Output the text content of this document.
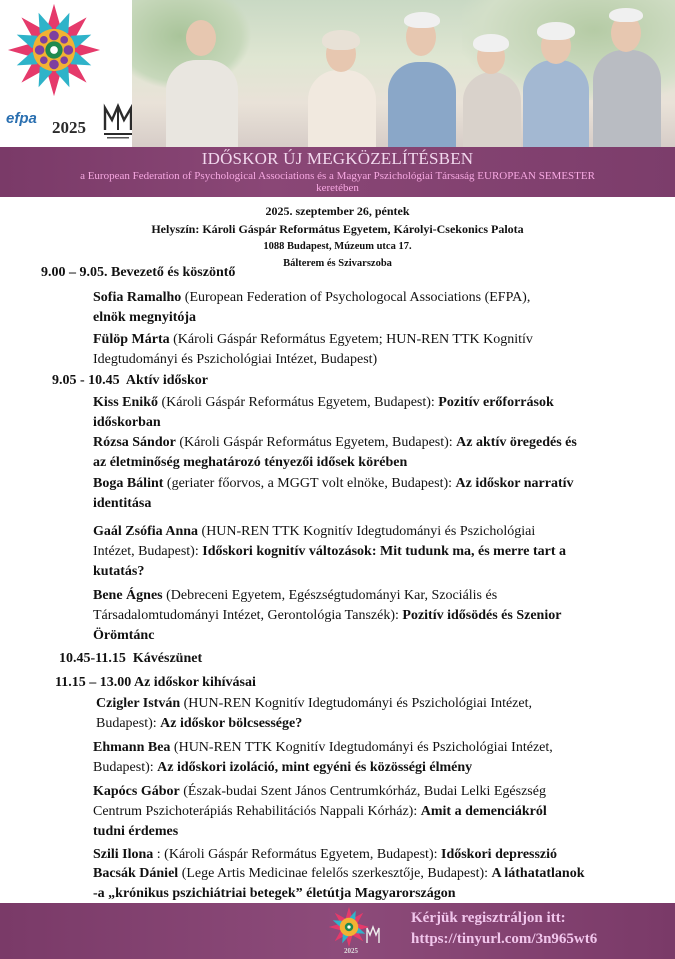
efpa 2025
IDŐSKOR ÚJ MEGKÖZELÍTÉSBEN
a European Federation of Psychological Associations és a Magyar Pszichológiai Társaság EUROPEAN SEMESTER
keretében
2025. szeptember 26, péntek
Helyszín: Károli Gáspár Református Egyetem, Károlyi-Csekonics Palota
1088 Budapest, Múzeum utca 17.
Bálterem és Szivarszoba
9.00 – 9.05. Bevezető és köszöntő
Sofia Ramalho (European Federation of Psychologocal Associations (EFPA),
elnök megnyitója
Fülöp Márta (Károli Gáspár Református Egyetem; HUN-REN TTK Kognitív
Idegtudományi és Pszichológiai Intézet, Budapest)
9.05 - 10.45 Aktív időskor
Kiss Enikő (Károli Gáspár Református Egyetem, Budapest): Pozitív erőforrások
időskorban
Rózsa Sándor (Károli Gáspár Református Egyetem, Budapest): Az aktív öregedés és
az életminőség meghatározó tényezői idősek körében
Boga Bálint (geriater főorvos, a MGGT volt elnöke, Budapest): Az időskor narratív
identitása
Gaál Zsófia Anna (HUN-REN TTK Kognitív Idegtudományi és Pszichológiai
Intézet, Budapest): Időskori kognitív változások: Mit tudunk ma, és merre tart a
kutatás?
Bene Ágnes (Debreceni Egyetem, Egészségtudományi Kar, Szociális és
Társadalomtudományi Intézet, Gerontológia Tanszék): Pozitív idősödés és Szenior
Örömtánc
10.45-11.15 Kávészünet
11.15 – 13.00 Az időskor kihívásai
Czigler István (HUN-REN Kognitív Idegtudományi és Pszichológiai Intézet,
Budapest): Az időskor bölcsessége?
Ehmann Bea (HUN-REN TTK Kognitív Idegtudományi és Pszichológiai Intézet,
Budapest): Az időskori izoláció, mint egyéni és közösségi élmény
Kapócs Gábor (Észak-budai Szent János Centrumkórház, Budai Lelki Egészség
Centrum Pszichoterápiás Rehabilitációs Nappali Kórház): Amit a demenciákról
tudni érdemes
Szili Ilona : (Károli Gáspár Református Egyetem, Budapest): Időskori depresszió
Bacsák Dániel (Lege Artis Medicinae felelős szerkesztője, Budapest): A láthatatlanok
-a „krónikus pszichiátriai betegek” életútja Magyarországon
2025
Kérjük regisztráljon itt:
https://tinyurl.com/3n965wt6
